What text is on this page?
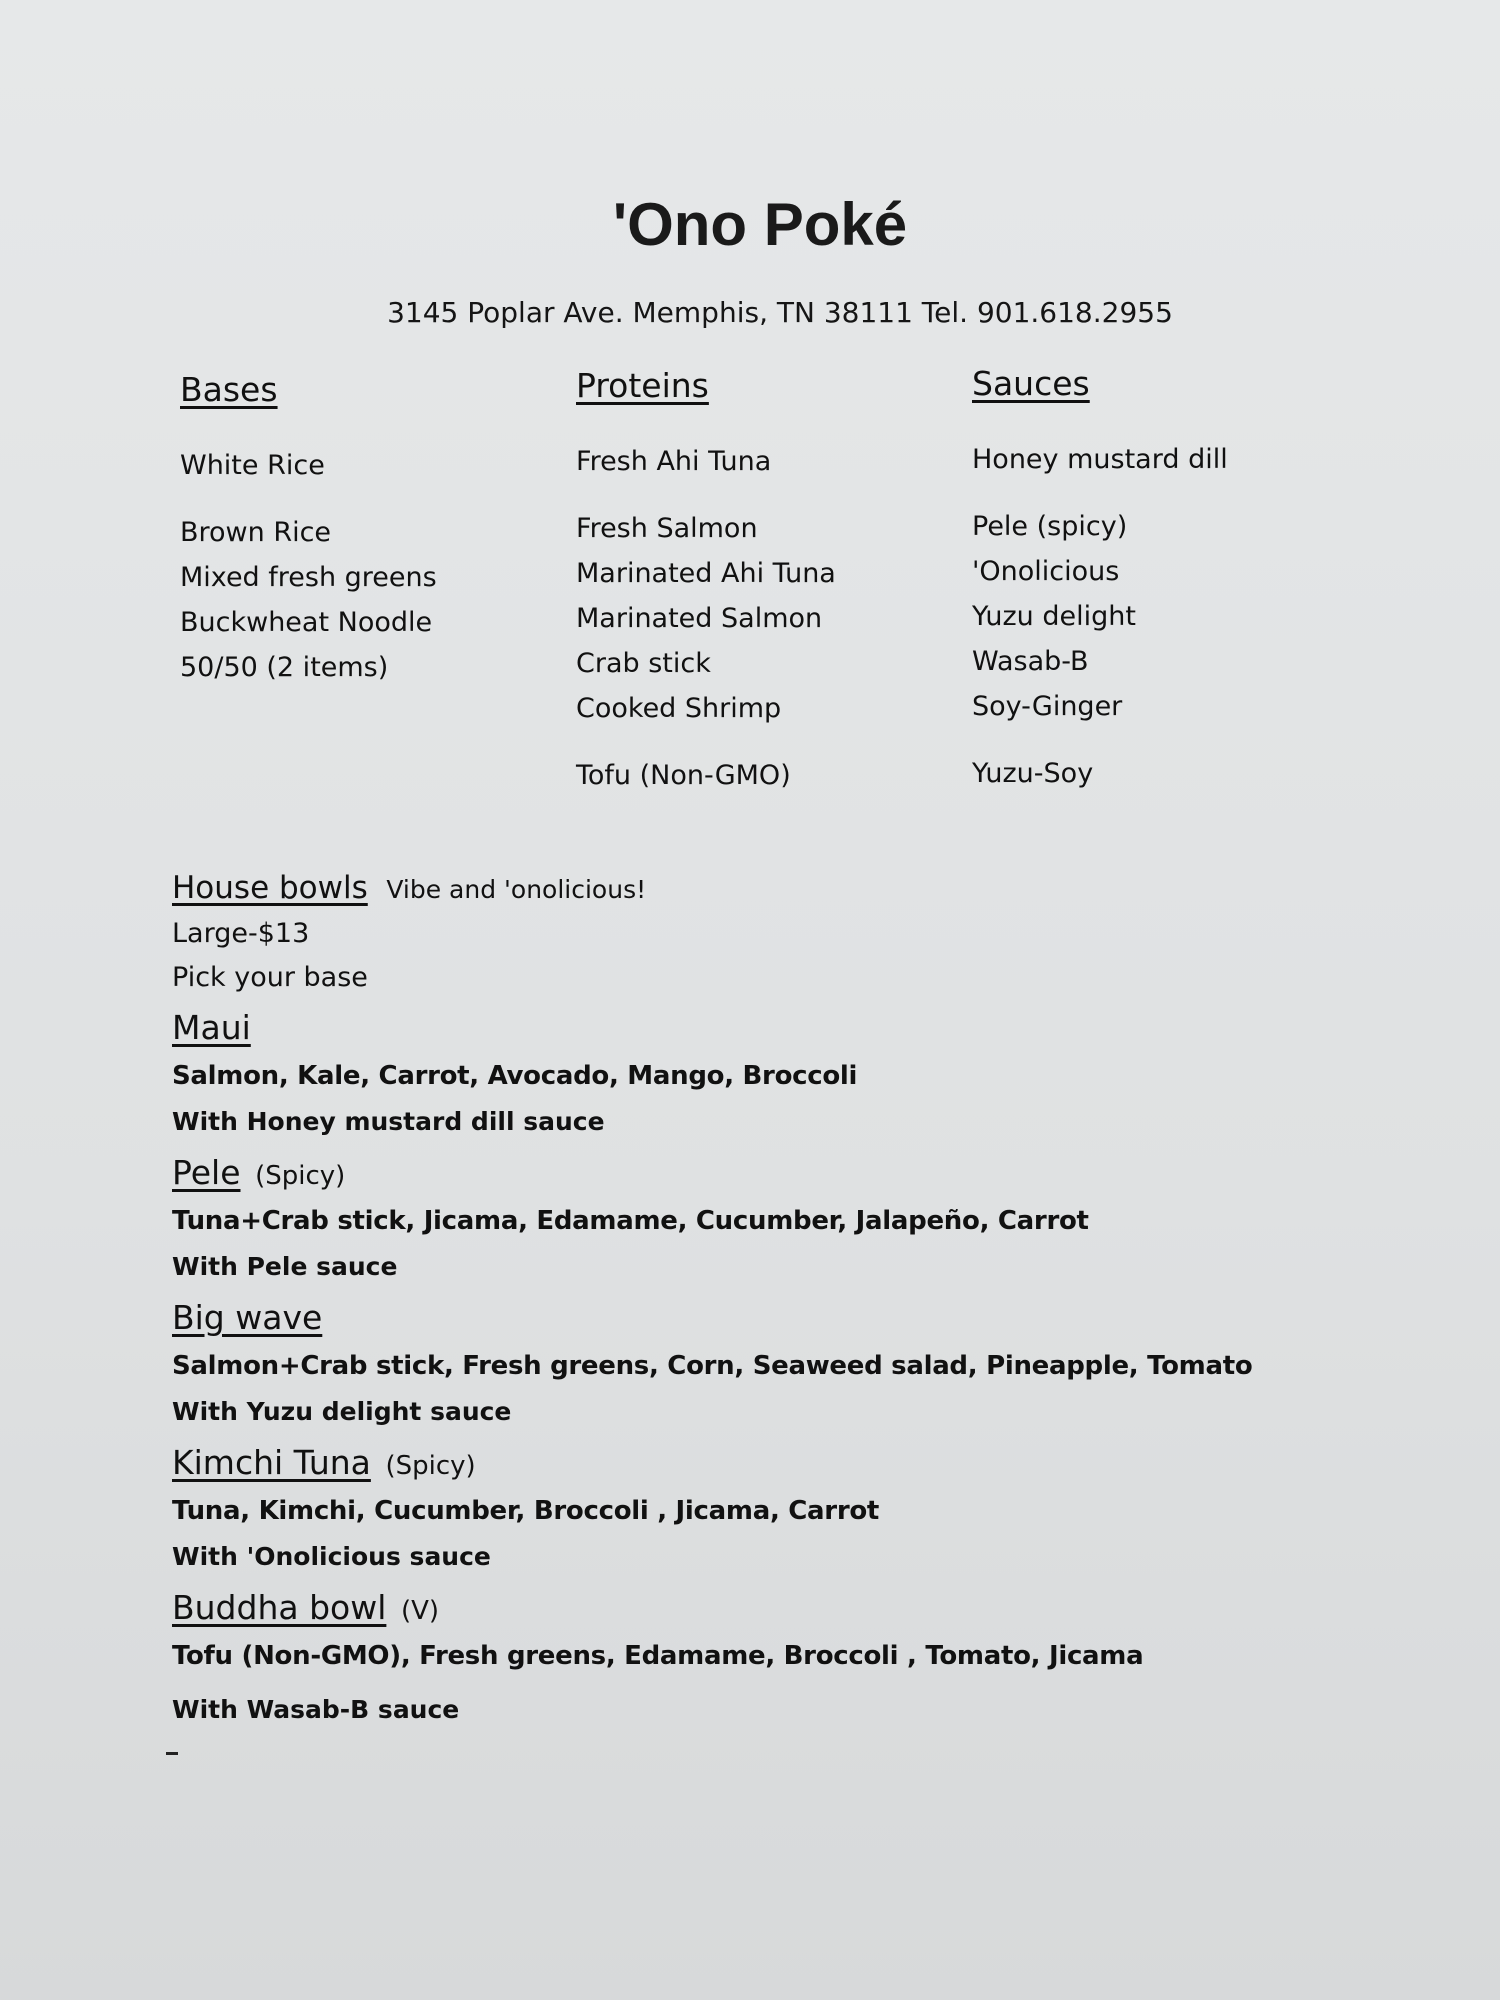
'Ono Poké
3145 Poplar Ave. Memphis, TN 38111 Tel. 901.618.2955
Bases
White Rice
Brown Rice
Mixed fresh greens
Buckwheat Noodle
50/50 (2 items)
Proteins
Fresh Ahi Tuna
Fresh Salmon
Marinated Ahi Tuna
Marinated Salmon
Crab stick
Cooked Shrimp
Tofu (Non-GMO)
Sauces
Honey mustard dill
Pele (spicy)
'Onolicious
Yuzu delight
Wasab-B
Soy-Ginger
Yuzu-Soy
House bowls Vibe and 'onolicious!
Large-$13
Pick your base
Maui
Salmon, Kale, Carrot, Avocado, Mango, Broccoli
With Honey mustard dill sauce
Pele (Spicy)
Tuna+Crab stick, Jicama, Edamame, Cucumber, Jalapeño, Carrot
With Pele sauce
Big wave
Salmon+Crab stick, Fresh greens, Corn, Seaweed salad, Pineapple, Tomato
With Yuzu delight sauce
Kimchi Tuna (Spicy)
Tuna, Kimchi, Cucumber, Broccoli , Jicama, Carrot
With 'Onolicious sauce
Buddha bowl (V)
Tofu (Non-GMO), Fresh greens, Edamame, Broccoli , Tomato, Jicama
With Wasab-B sauce
